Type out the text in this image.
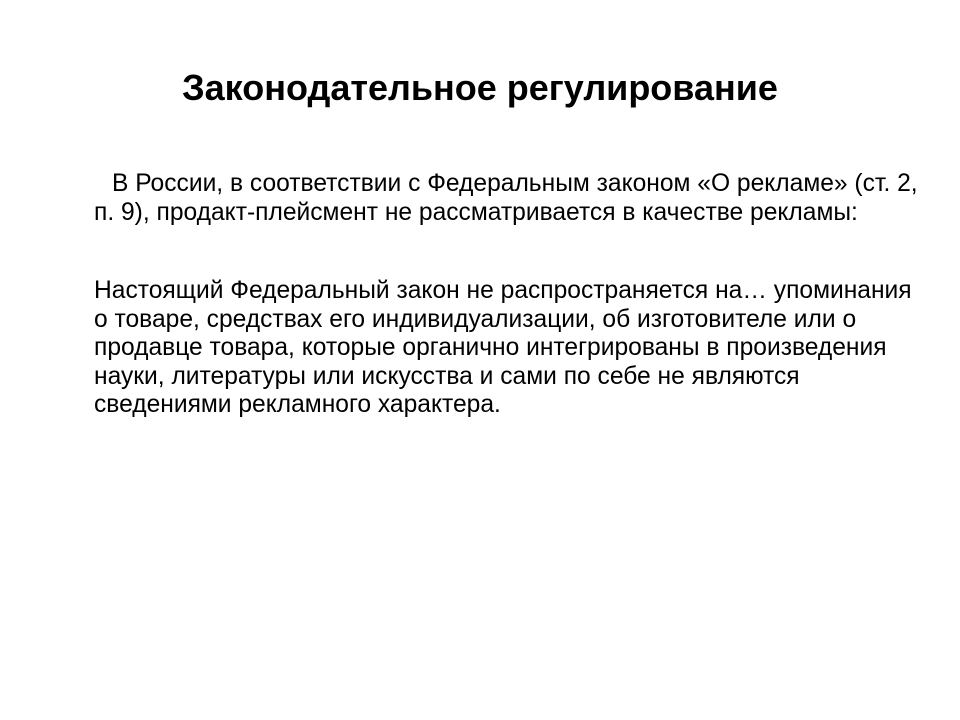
Законодательное регулирование

В России, в соответствии с Федеральным законом «О рекламе» (ст. 2, п. 9), продакт-плейсмент не рассматривается в качестве рекламы:

Настоящий Федеральный закон не распространяется на… упоминания о товаре, средствах его индивидуализации, об изготовителе или о продавце товара, которые органично интегрированы в произведения науки, литературы или искусства и сами по себе не являются сведениями рекламного характера.
